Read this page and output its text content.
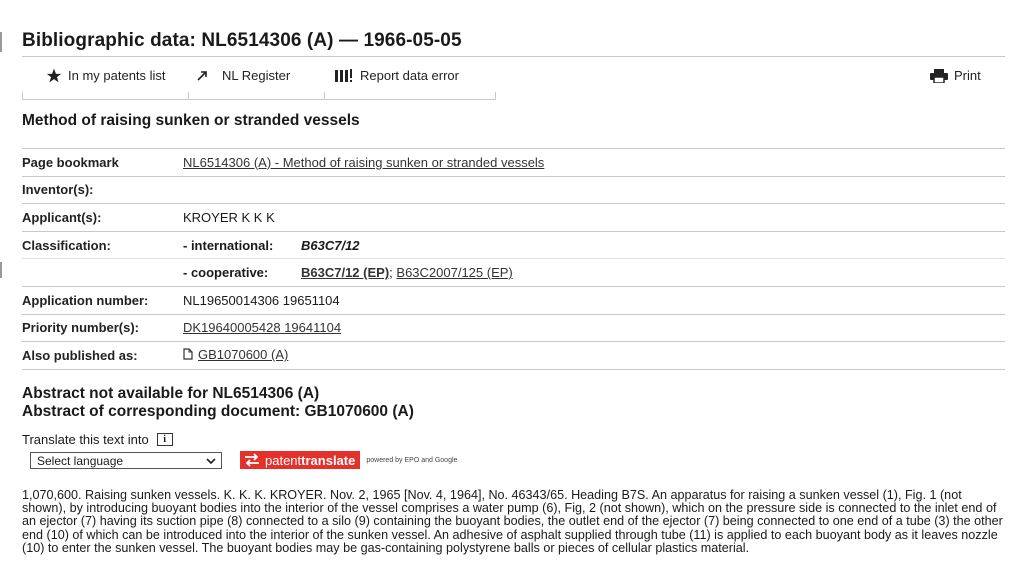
Bibliographic data: NL6514306 (A) — 1966-05-05
In my patents list	NL Register	Report data error	Print
Method of raising sunken or stranded vessels
Page bookmark	NL6514306 (A) - Method of raising sunken or stranded vessels
Inventor(s):	
Applicant(s):	KROYER K K K
Classification:	- international: B63C7/12
	- cooperative: B63C7/12 (EP); B63C2007/125 (EP)
Application number:	NL19650014306 19651104
Priority number(s):	DK19640005428 19641104
Also published as:	GB1070600 (A)
Abstract not available for NL6514306 (A)
Abstract of corresponding document: GB1070600 (A)
Translate this text into	i
Select language	patent translate powered by EPO and Google
1,070,600. Raising sunken vessels. K. K. K. KROYER. Nov. 2, 1965 [Nov. 4, 1964], No. 46343/65. Heading B7S. An apparatus for raising a sunken vessel (1), Fig. 1 (not shown), by introducing buoyant bodies into the interior of the vessel comprises a water pump (6), Fig, 2 (not shown), which on the pressure side is connected to the inlet end of an ejector (7) having its suction pipe (8) connected to a silo (9) containing the buoyant bodies, the outlet end of the ejector (7) being connected to one end of a tube (3) the other end (10) of which can be introduced into the interior of the sunken vessel. An adhesive of asphalt supplied through tube (11) is applied to each buoyant body as it leaves nozzle (10) to enter the sunken vessel. The buoyant bodies may be gas-containing polystyrene balls or pieces of cellular plastics material.
